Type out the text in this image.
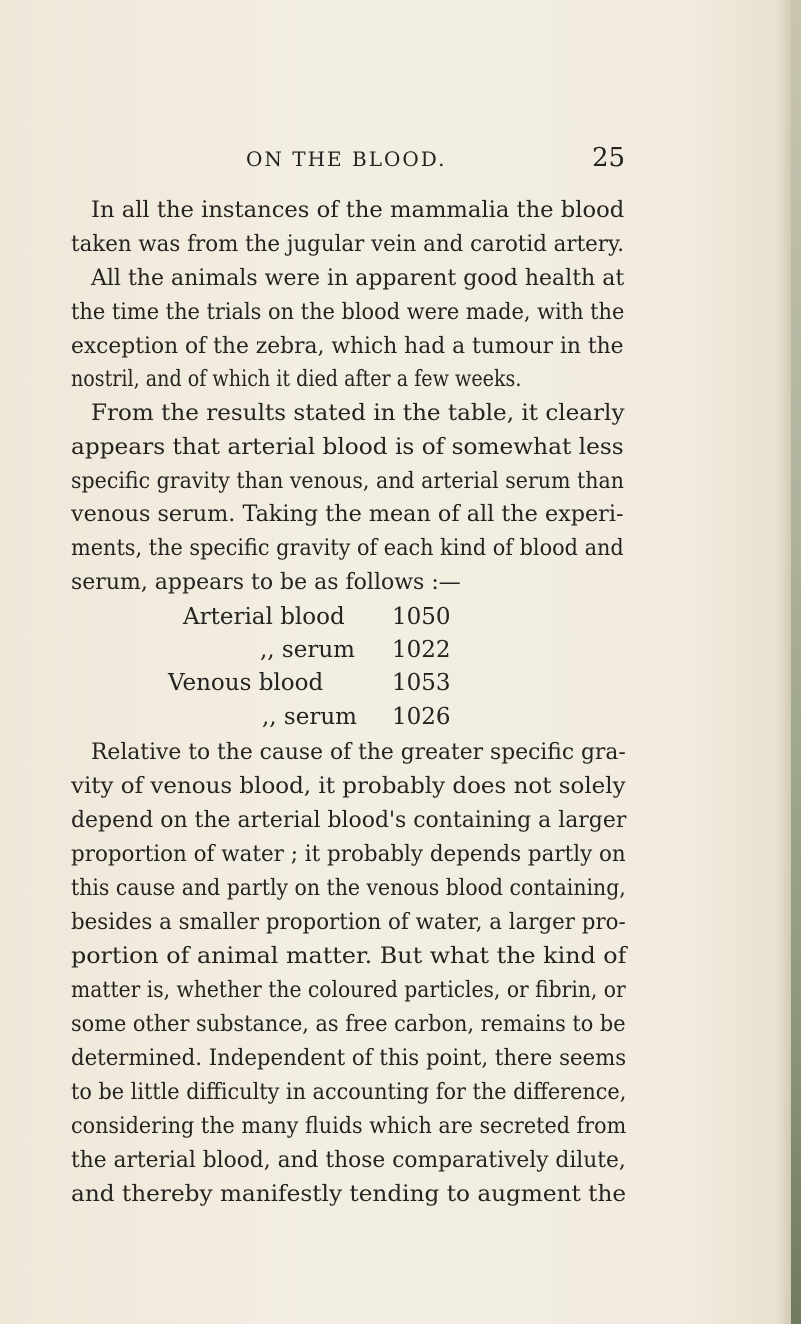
ON THE BLOOD.	25
In all the instances of the mammalia the blood
taken was from the jugular vein and carotid artery.
All the animals were in apparent good health at
the time the trials on the blood were made, with the
exception of the zebra, which had a tumour in the
nostril, and of which it died after a few weeks.
From the results stated in the table, it clearly
appears that arterial blood is of somewhat less
specific gravity than venous, and arterial serum than
venous serum. Taking the mean of all the experi-
ments, the specific gravity of each kind of blood and
serum, appears to be as follows :—
Arterial blood 1050
,, serum 1022
Venous blood	1053
,, serum 1026
Relative to the cause of the greater specific gra-
vity of venous blood, it probably does not solely
depend on the arterial blood's containing a larger
proportion of water ; it probably depends partly on
this cause and partly on the venous blood containing,
besides a smaller proportion of water, a larger pro-
portion of animal matter. But what the kind of
matter is, whether the coloured particles, or fibrin, or
some other substance, as free carbon, remains to be
determined. Independent of this point, there seems
to be little difficulty in accounting for the difference,
considering the many fluids which are secreted from
the arterial blood, and those comparatively dilute,
and thereby manifestly tending to augment the
